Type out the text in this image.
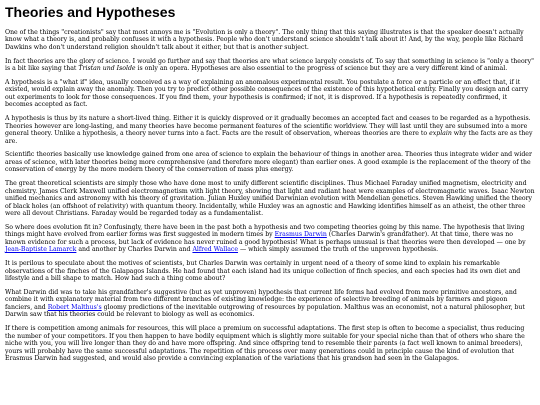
Theories and Hypotheses

One of the things "creationists" say that most annoys me is "Evolution is only a theory". The only thing that this saying illustrates is that the speaker doesn't actually know what a theory is, and probably confuses it with a hypothesis. People who don't understand science shouldn't talk about it! And, by the way, people like Richard Dawkins who don't understand religion shouldn't talk about it either, but that is another subject.

In fact theories are the glory of science. I would go further and say that theories are what science largely consists of. To say that something in science is "only a theory" is a bit like saying that Tristan und Isolde is only an opera. Hypotheses are also essential to the progress of science but they are a very different kind of animal.

A hypothesis is a "what if" idea, usually conceived as a way of explaining an anomalous experimental result. You postulate a force or a particle or an effect that, if it existed, would explain away the anomaly. Then you try to predict other possible consequences of the existence of this hypothetical entity. Finally you design and carry out experiments to look for those consequences. If you find them, your hypothesis is confirmed; if not, it is disproved. If a hypothesis is repeatedly confirmed, it becomes accepted as fact.

A hypothesis is thus by its nature a short-lived thing. Either it is quickly disproved or it gradually becomes an accepted fact and ceases to be regarded as a hypothesis. Theories however are long-lasting, and many theories have become permanent features of the scientific worldview. They will last until they are subsumed into a more general theory. Unlike a hypothesis, a theory never turns into a fact. Facts are the result of observation, whereas theories are there to explain why the facts are as they are.

Scientific theories basically use knowledge gained from one area of science to explain the behaviour of things in another area. Theories thus integrate wider and wider areas of science, with later theories being more comprehensive (and therefore more elegant) than earlier ones. A good example is the replacement of the theory of the conservation of energy by the more modern theory of the conservation of mass plus energy.

The great theoretical scientists are simply those who have done most to unify different scientific disciplines. Thus Michael Faraday unified magnetism, electricity and chemistry. James Clerk Maxwell unified electromagnetism with light theory, showing that light and radiant heat were examples of electromagnetic waves. Isaac Newton unified mechanics and astronomy with his theory of gravitation. Julian Huxley unified Darwinian evolution with Mendelian genetics. Steven Hawking unified the theory of black holes (an offshoot of relativity) with quantum theory. Incidentally, while Huxley was an agnostic and Hawking identifies himself as an atheist, the other three were all devout Christians. Faraday would be regarded today as a fundamentalist.

So where does evolution fit in? Confusingly, there have been in the past both a hypothesis and two competing theories going by this name. The hypothesis that living things might have evolved from earlier forms was first suggested in modern times by Erasmus Darwin (Charles Darwin's grandfather). At that time, there was no known evidence for such a process, but lack of evidence has never ruined a good hypothesis! What is perhaps unusual is that theories were then developed — one by Jean-Baptiste Lamarck and another by Charles Darwin and Alfred Wallace — which simply assumed the truth of the unproven hypothesis.

It is perilous to speculate about the motives of scientists, but Charles Darwin was certainly in urgent need of a theory of some kind to explain his remarkable observations of the finches of the Galapagos Islands. He had found that each island had its unique collection of finch species, and each species had its own diet and lifestyle and a bill shape to match. How had such a thing come about?

What Darwin did was to take his grandfather's suggestive (but as yet unproven) hypothesis that current life forms had evolved from more primitive ancestors, and combine it with explanatory material from two different branches of existing knowledge: the experience of selective breeding of animals by farmers and pigeon fanciers, and Robert Malthus's gloomy predictions of the inevitable outgrowing of resources by population. Malthus was an economist, not a natural philosopher, but Darwin saw that his theories could be relevant to biology as well as economics.

If there is competition among animals for resources, this will place a premium on successful adaptations. The first step is often to become a specialist, thus reducing the number of your competitors. If you then happen to have bodily equipment which is slightly more suitable for your special niche than that of others who share the niche with you, you will live longer than they do and have more offspring. And since offspring tend to resemble their parents (a fact well known to animal breeders), yours will probably have the same successful adaptations. The repetition of this process over many generations could in principle cause the kind of evolution that Erasmus Darwin had suggested, and would also provide a convincing explanation of the variations that his grandson had seen in the Galapagos.
